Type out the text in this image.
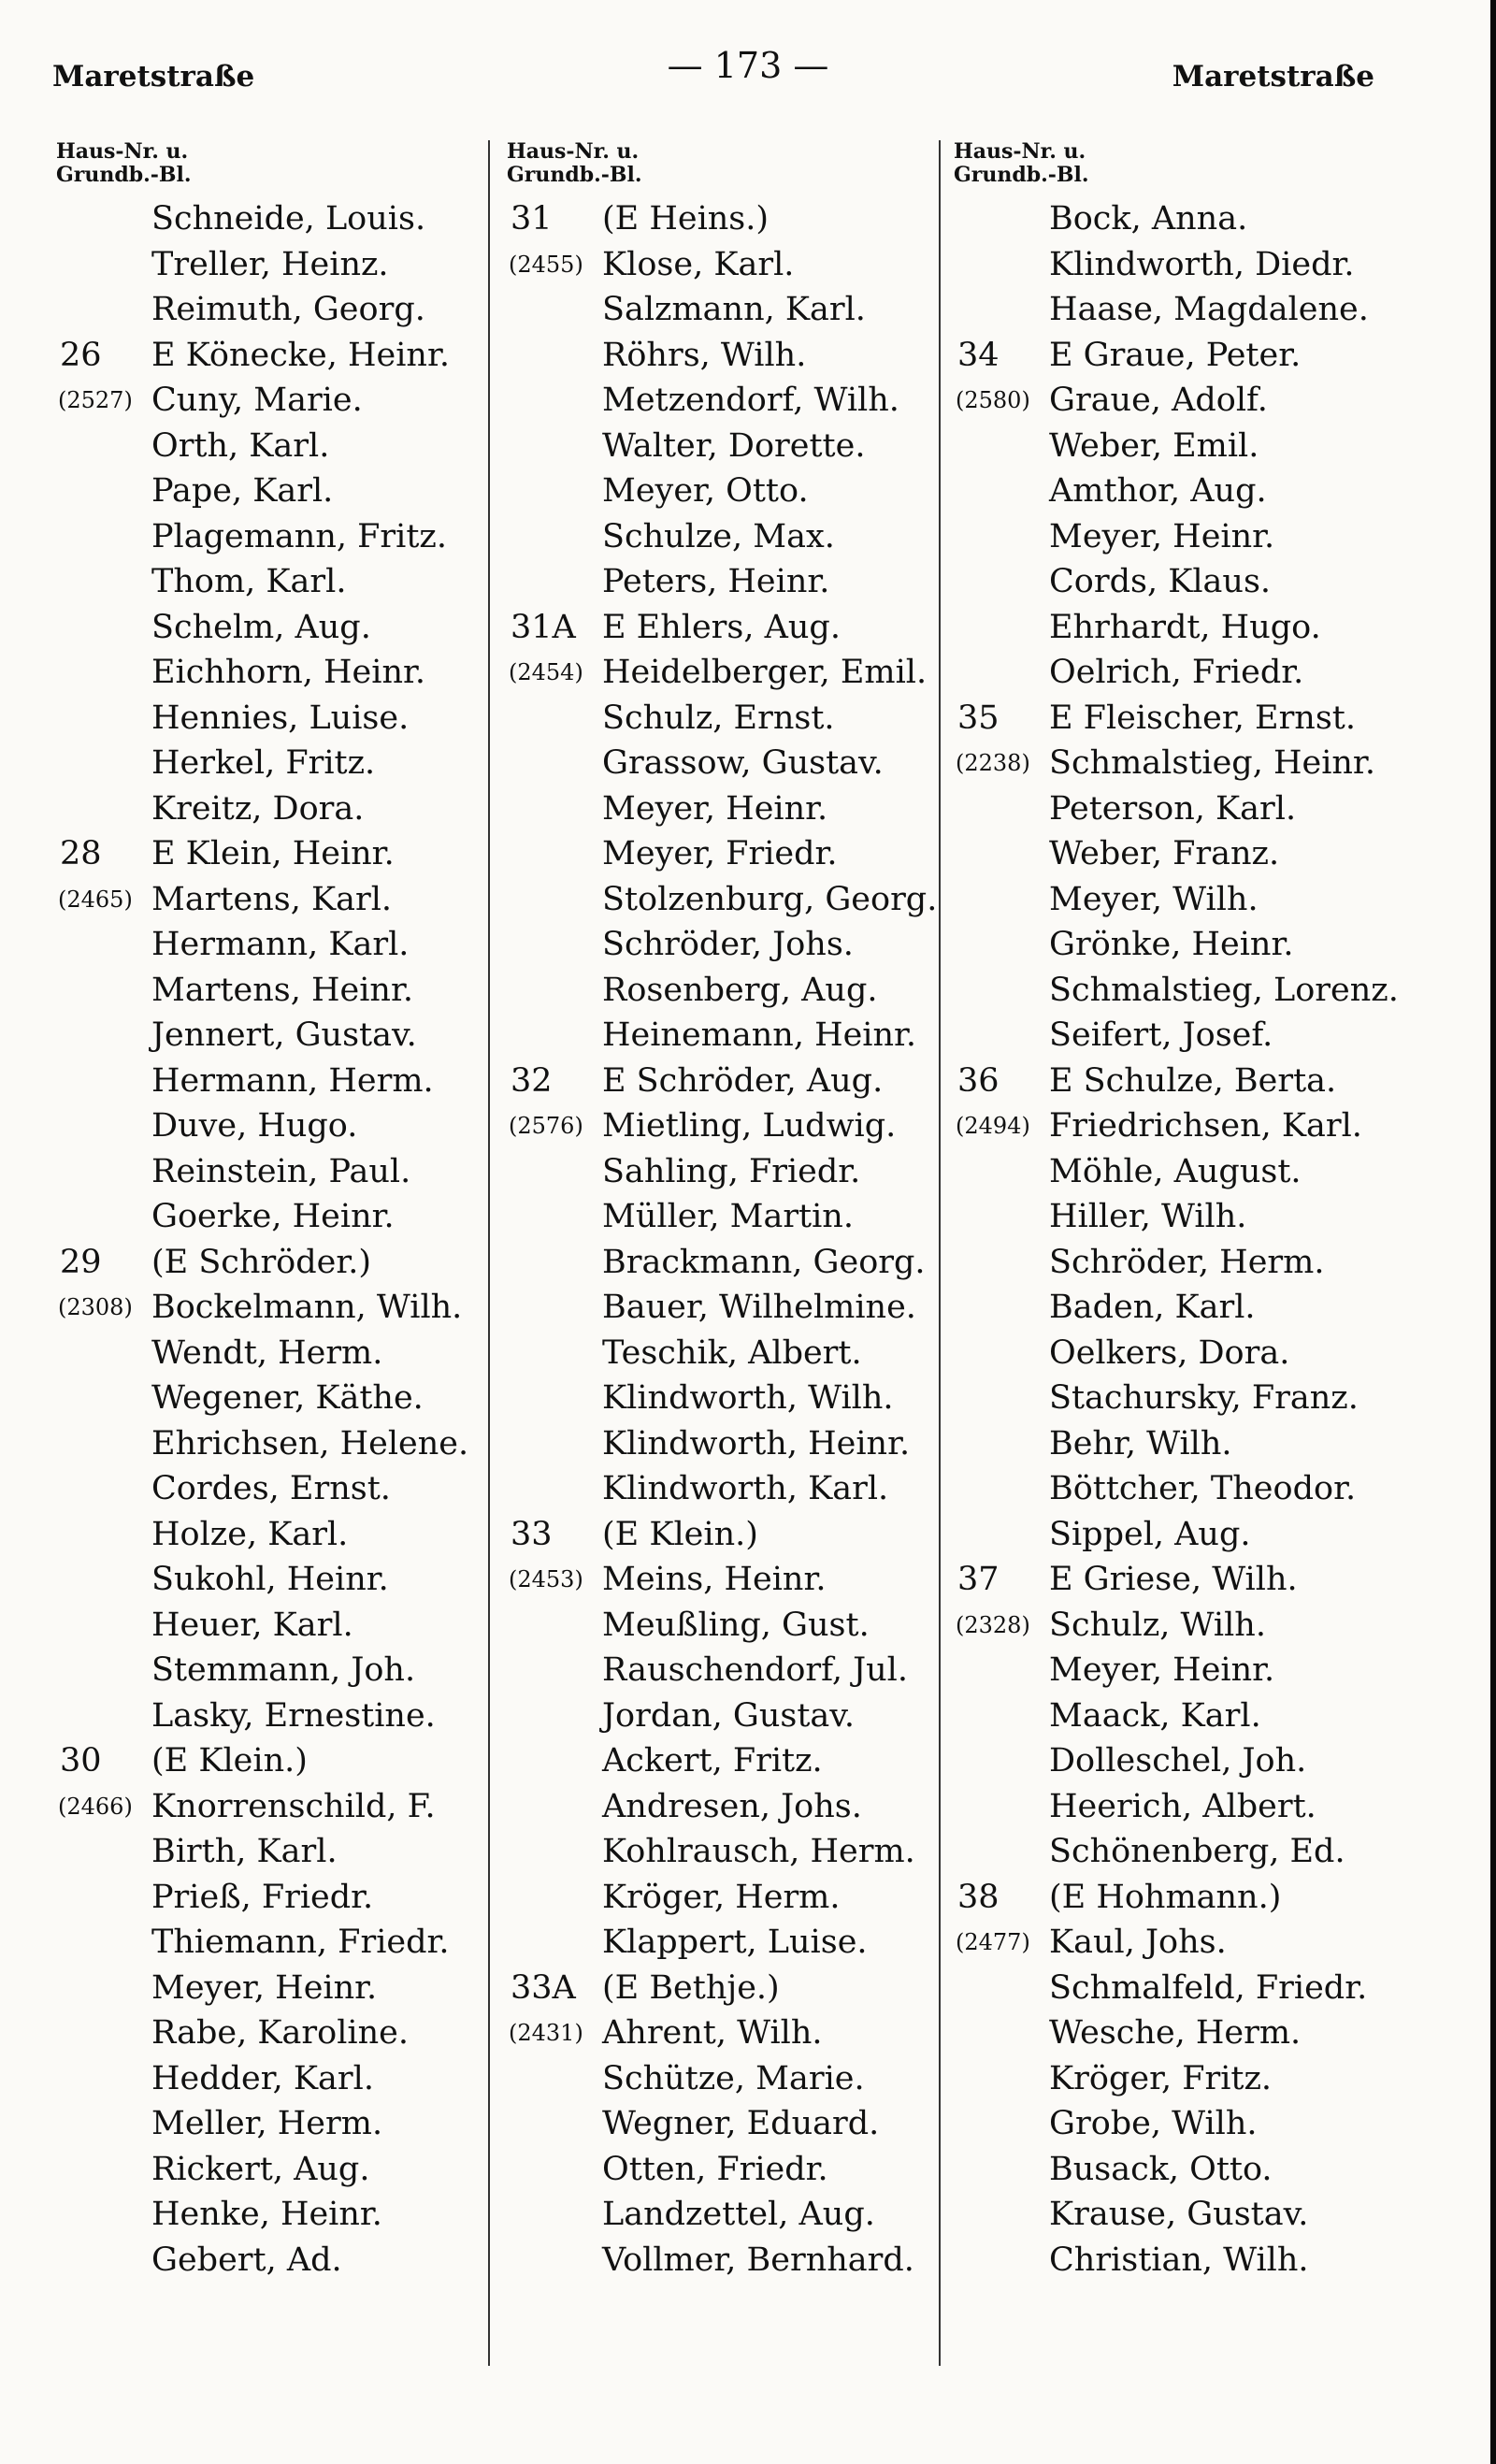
Maretstraße	— 173 —	Maretstraße
Haus-Nr. u.
Grundb.-Bl.
Schneide, Louis.
Treller, Heinz.
Reimuth, Georg.
26	E Könecke, Heinr.
(2527) Cuny, Marie.
Orth, Karl.
Pape, Karl.
Plagemann, Fritz.
Thom, Karl.
Schelm, Aug.
Eichhorn, Heinr.
Hennies, Luise.
Herkel, Fritz.
Kreitz, Dora.
28	E Klein, Heinr.
(2465) Martens, Karl.
Hermann, Karl.
Martens, Heinr.
Jennert, Gustav.
Hermann, Herm.
Duve, Hugo.
Reinstein, Paul.
Goerke, Heinr.
29	(E Schröder.)
(2308) Bockelmann, Wilh.
Wendt, Herm.
Wegener, Käthe.
Ehrichsen, Helene.
Cordes, Ernst.
Holze, Karl.
Sukohl, Heinr.
Heuer, Karl.
Stemmann, Joh.
Lasky, Ernestine.
30	(E Klein.)
(2466) Knorrenschild, F.
Birth, Karl.
Prieß, Friedr.
Thiemann, Friedr.
Meyer, Heinr.
Rabe, Karoline.
Hedder, Karl.
Meller, Herm.
Rickert, Aug.
Henke, Heinr.
Gebert, Ad.
Haus-Nr. u.
Grundb.-Bl.
31	(E Heins.)
(2455) Klose, Karl.
Salzmann, Karl.
Röhrs, Wilh.
Metzendorf, Wilh.
Walter, Dorette.
Meyer, Otto.
Schulze, Max.
Peters, Heinr.
31A E Ehlers, Aug.
(2454) Heidelberger, Emil.
Schulz, Ernst.
Grassow, Gustav.
Meyer, Heinr.
Meyer, Friedr.
Stolzenburg, Georg.
Schröder, Johs.
Rosenberg, Aug.
Heinemann, Heinr.
32	E Schröder, Aug.
(2576) Mietling, Ludwig.
Sahling, Friedr.
Müller, Martin.
Brackmann, Georg.
Bauer, Wilhelmine.
Teschik, Albert.
Klindworth, Wilh.
Klindworth, Heinr.
Klindworth, Karl.
33	(E Klein.)
(2453) Meins, Heinr.
Meußling, Gust.
Rauschendorf, Jul.
Jordan, Gustav.
Ackert, Fritz.
Andresen, Johs.
Kohlrausch, Herm.
Kröger, Herm.
Klappert, Luise.
33A (E Bethje.)
(2431) Ahrent, Wilh.
Schütze, Marie.
Wegner, Eduard.
Otten, Friedr.
Landzettel, Aug.
Vollmer, Bernhard.
Haus-Nr. u.
Grundb.-Bl.
Bock, Anna.
Klindworth, Diedr.
Haase, Magdalene.
34	E Graue, Peter.
(2580) Graue, Adolf.
Weber, Emil.
Amthor, Aug.
Meyer, Heinr.
Cords, Klaus.
Ehrhardt, Hugo.
Oelrich, Friedr.
35	E Fleischer, Ernst.
(2238) Schmalstieg, Heinr.
Peterson, Karl.
Weber, Franz.
Meyer, Wilh.
Grönke, Heinr.
Schmalstieg, Lorenz.
Seifert, Josef.
36	E Schulze, Berta.
(2494) Friedrichsen, Karl.
Möhle, August.
Hiller, Wilh.
Schröder, Herm.
Baden, Karl.
Oelkers, Dora.
Stachursky, Franz.
Behr, Wilh.
Böttcher, Theodor.
Sippel, Aug.
37	E Griese, Wilh.
(2328) Schulz, Wilh.
Meyer, Heinr.
Maack, Karl.
Dolleschel, Joh.
Heerich, Albert.
Schönenberg, Ed.
38	(E Hohmann.)
(2477) Kaul, Johs.
Schmalfeld, Friedr.
Wesche, Herm.
Kröger, Fritz.
Grobe, Wilh.
Busack, Otto.
Krause, Gustav.
Christian, Wilh.
